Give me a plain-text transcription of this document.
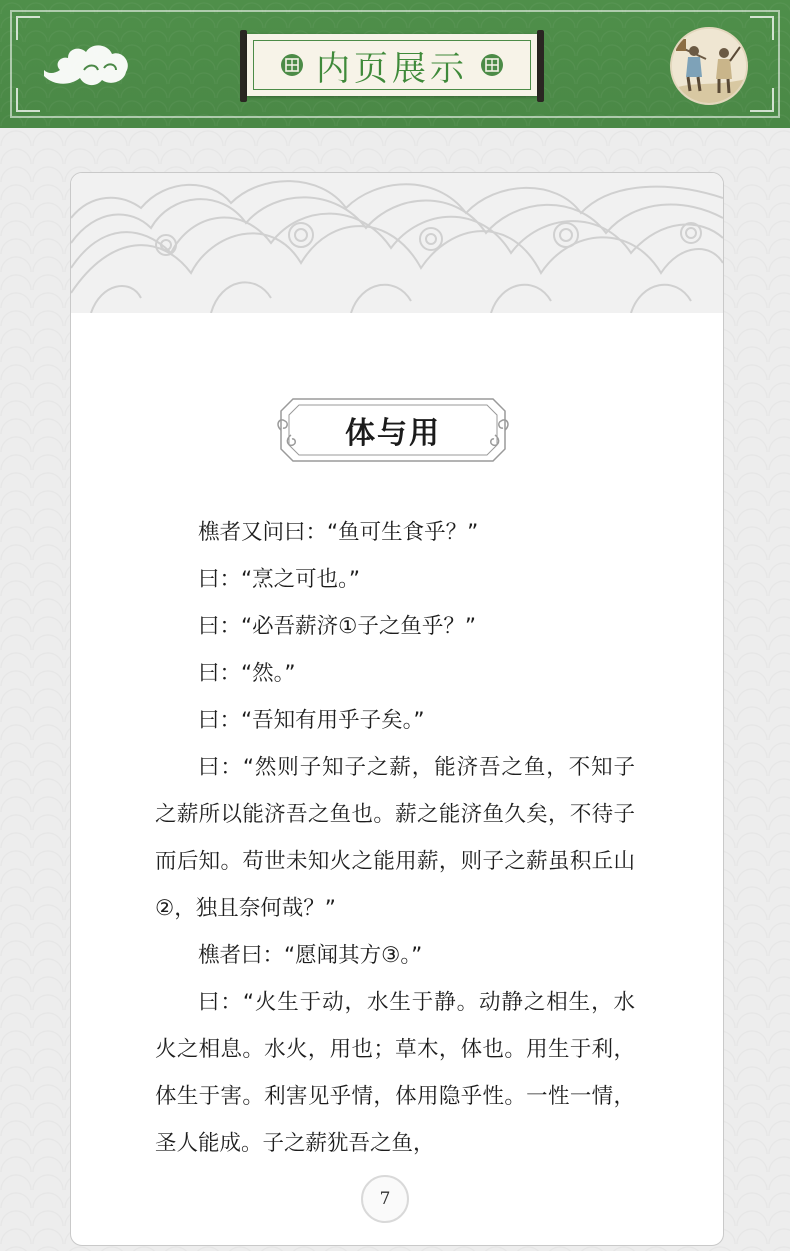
内页展示
体与用

樵者又问曰：“鱼可生食乎？”

曰：“烹之可也。”

曰：“必吾薪济①子之鱼乎？”

曰：“然。”

曰：“吾知有用乎子矣。”

曰：“然则子知子之薪，能济吾之鱼，不知子之薪所以能济吾之鱼也。薪之能济鱼久矣，不待子而后知。苟世未知火之能用薪，则子之薪虽积丘山②，独且奈何哉？”

樵者曰：“愿闻其方③。”

曰：“火生于动，水生于静。动静之相生，水火之相息。水火，用也；草木，体也。用生于利，体生于害。利害见乎情，体用隐乎性。一性一情，圣人能成。子之薪犹吾之鱼，

7
